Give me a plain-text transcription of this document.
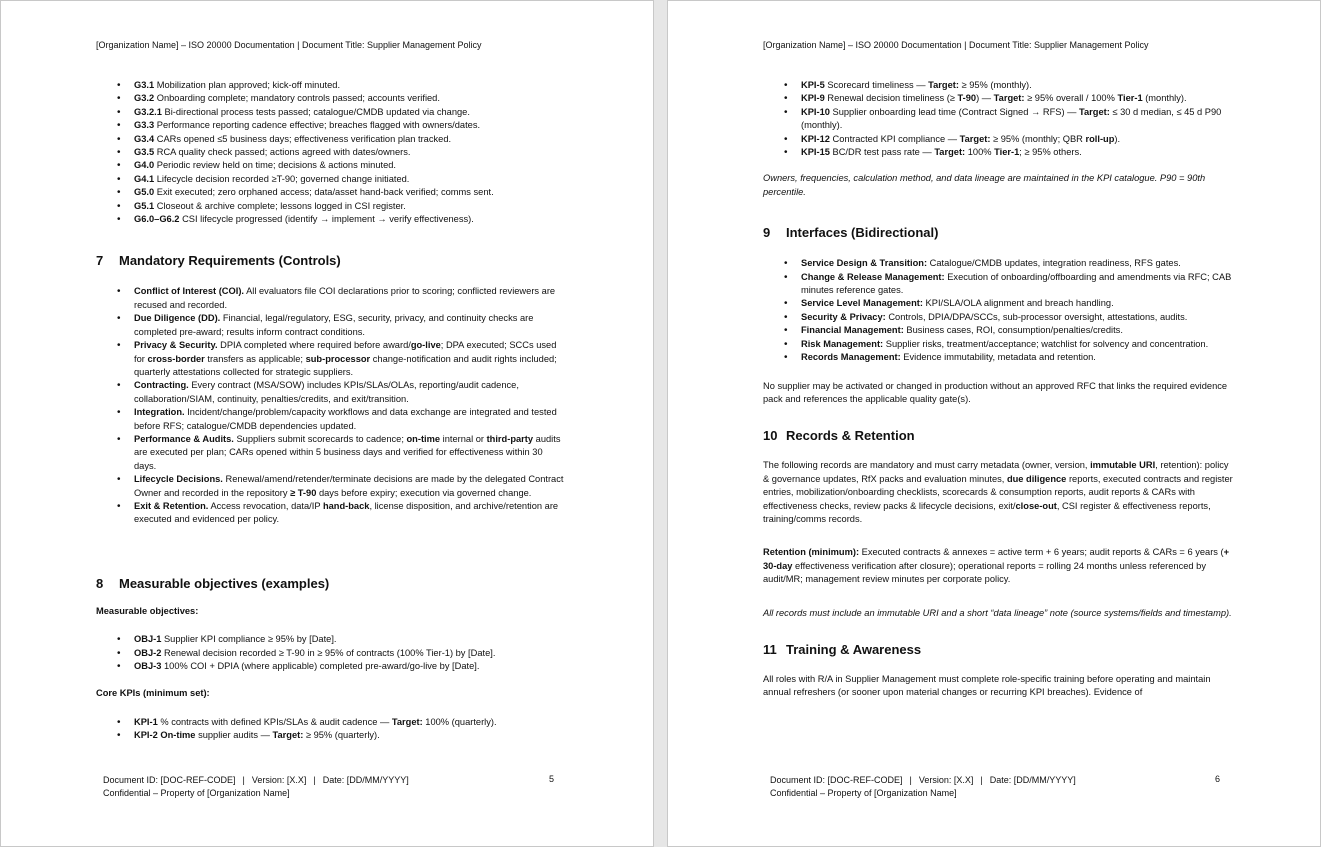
[Organization Name] – ISO 20000 Documentation | Document Title: Supplier Management Policy
• G3.1 Mobilization plan approved; kick-off minuted.
• G3.2 Onboarding complete; mandatory controls passed; accounts verified.
• G3.2.1 Bi-directional process tests passed; catalogue/CMDB updated via change.
• G3.3 Performance reporting cadence effective; breaches flagged with owners/dates.
• G3.4 CARs opened ≤5 business days; effectiveness verification plan tracked.
• G3.5 RCA quality check passed; actions agreed with dates/owners.
• G4.0 Periodic review held on time; decisions & actions minuted.
• G4.1 Lifecycle decision recorded ≥T-90; governed change initiated.
• G5.0 Exit executed; zero orphaned access; data/asset hand-back verified; comms sent.
• G5.1 Closeout & archive complete; lessons logged in CSI register.
• G6.0–G6.2 CSI lifecycle progressed (identify → implement → verify effectiveness).
7 Mandatory Requirements (Controls)
• Conflict of Interest (COI). All evaluators file COI declarations prior to scoring; conflicted reviewers are recused and recorded.
• Due Diligence (DD). Financial, legal/regulatory, ESG, security, privacy, and continuity checks are completed pre-award; results inform contract conditions.
• Privacy & Security. DPIA completed where required before award/go-live; DPA executed; SCCs used for cross-border transfers as applicable; sub-processor change-notification and audit rights included; quarterly attestations collected for strategic suppliers.
• Contracting. Every contract (MSA/SOW) includes KPIs/SLAs/OLAs, reporting/audit cadence, collaboration/SIAM, continuity, penalties/credits, and exit/transition.
• Integration. Incident/change/problem/capacity workflows and data exchange are integrated and tested before RFS; catalogue/CMDB dependencies updated.
• Performance & Audits. Suppliers submit scorecards to cadence; on-time internal or third-party audits are executed per plan; CARs opened within 5 business days and verified for effectiveness within 30 days.
• Lifecycle Decisions. Renewal/amend/retender/terminate decisions are made by the delegated Contract Owner and recorded in the repository ≥ T-90 days before expiry; execution via governed change.
• Exit & Retention. Access revocation, data/IP hand-back, license disposition, and archive/retention are executed and evidenced per policy.
8 Measurable objectives (examples)

Measurable objectives:

• OBJ-1 Supplier KPI compliance ≥ 95% by [Date].
• OBJ-2 Renewal decision recorded ≥ T-90 in ≥ 95% of contracts (100% Tier-1) by [Date].
• OBJ-3 100% COI + DPIA (where applicable) completed pre-award/go-live by [Date].

Core KPIs (minimum set):

• KPI-1 % contracts with defined KPIs/SLAs & audit cadence — Target: 100% (quarterly).
• KPI-2 On-time supplier audits — Target: ≥ 95% (quarterly).
Document ID: [DOC-REF-CODE] | Version: [X.X] | Date: [DD/MM/YYYY]
Confidential – Property of [Organization Name]
5
[Organization Name] – ISO 20000 Documentation | Document Title: Supplier Management Policy
• KPI-5 Scorecard timeliness — Target: ≥ 95% (monthly).
• KPI-9 Renewal decision timeliness (≥ T-90) — Target: ≥ 95% overall / 100% Tier-1 (monthly).
• KPI-10 Supplier onboarding lead time (Contract Signed → RFS) — Target: ≤ 30 d median, ≤ 45 d P90 (monthly).
• KPI-12 Contracted KPI compliance — Target: ≥ 95% (monthly; QBR roll-up).
• KPI-15 BC/DR test pass rate — Target: 100% Tier-1; ≥ 95% others.

Owners, frequencies, calculation method, and data lineage are maintained in the KPI catalogue. P90 = 90th percentile.

9 Interfaces (Bidirectional)
• Service Design & Transition: Catalogue/CMDB updates, integration readiness, RFS gates.
• Change & Release Management: Execution of onboarding/offboarding and amendments via RFC; CAB minutes reference gates.
• Service Level Management: KPI/SLA/OLA alignment and breach handling.
• Security & Privacy: Controls, DPIA/DPA/SCCs, sub-processor oversight, attestations, audits.
• Financial Management: Business cases, ROI, consumption/penalties/credits.
• Risk Management: Supplier risks, treatment/acceptance; watchlist for solvency and concentration.
• Records Management: Evidence immutability, metadata and retention.

No supplier may be activated or changed in production without an approved RFC that links the required evidence pack and references the applicable quality gate(s).

10 Records & Retention

The following records are mandatory and must carry metadata (owner, version, immutable URI, retention): policy & governance updates, RfX packs and evaluation minutes, due diligence reports, executed contracts and register entries, mobilization/onboarding checklists, scorecards & consumption reports, audit reports & CARs with effectiveness checks, review packs & lifecycle decisions, exit/close-out, CSI register & effectiveness reports, training/comms records.

Retention (minimum): Executed contracts & annexes = active term + 6 years; audit reports & CARs = 6 years (+ 30-day effectiveness verification after closure); operational reports = rolling 24 months unless referenced by audit/MR; management review minutes per corporate policy.

All records must include an immutable URI and a short “data lineage” note (source systems/fields and timestamp).

11 Training & Awareness

All roles with R/A in Supplier Management must complete role-specific training before operating and maintain annual refreshers (or sooner upon material changes or recurring KPI breaches). Evidence of

Document ID: [DOC-REF-CODE] | Version: [X.X] | Date: [DD/MM/YYYY]
Confidential – Property of [Organization Name]
6
